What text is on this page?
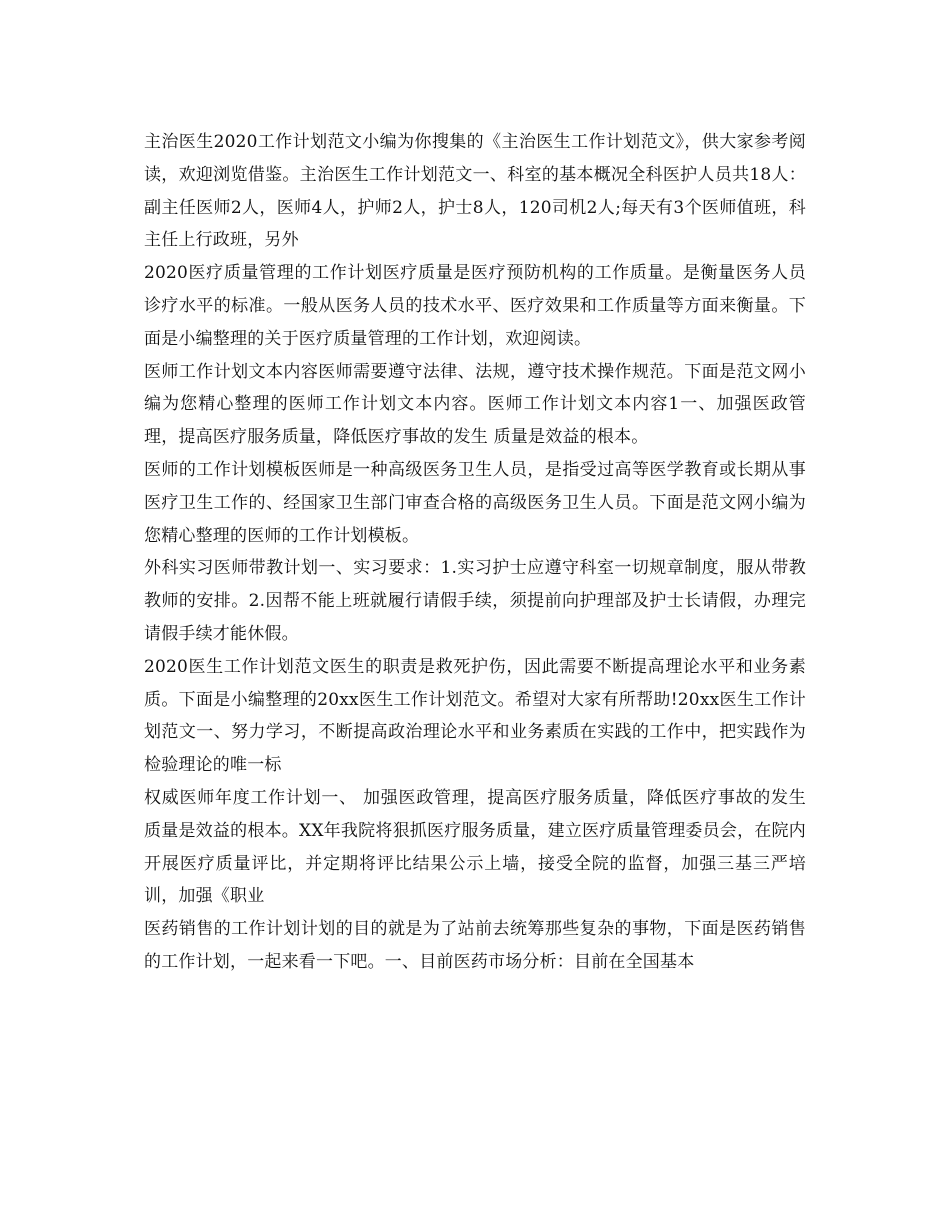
主治医生2020工作计划范文小编为你搜集的《主治医生工作计划范文》，供大家参考阅读，欢迎浏览借鉴。主治医生工作计划范文一、科室的基本概况全科医护人员共18人：副主任医师2人，医师4人，护师2人，护士8人，120司机2人;每天有3个医师值班，科主任上行政班，另外

2020医疗质量管理的工作计划医疗质量是医疗预防机构的工作质量。是衡量医务人员诊疗水平的标准。一般从医务人员的技术水平、医疗效果和工作质量等方面来衡量。下面是小编整理的关于医疗质量管理的工作计划，欢迎阅读。

医师工作计划文本内容医师需要遵守法律、法规，遵守技术操作规范。下面是范文网小编为您精心整理的医师工作计划文本内容。医师工作计划文本内容1一、加强医政管理，提高医疗服务质量，降低医疗事故的发生 质量是效益的根本。

医师的工作计划模板医师是一种高级医务卫生人员，是指受过高等医学教育或长期从事医疗卫生工作的、经国家卫生部门审查合格的高级医务卫生人员。下面是范文网小编为您精心整理的医师的工作计划模板。

外科实习医师带教计划一、实习要求：1.实习护士应遵守科室一切规章制度，服从带教教师的安排。2.因帮不能上班就履行请假手续，须提前向护理部及护士长请假，办理完请假手续才能休假。

2020医生工作计划范文医生的职责是救死护伤，因此需要不断提高理论水平和业务素质。下面是小编整理的20xx医生工作计划范文。希望对大家有所帮助!20xx医生工作计划范文一、努力学习，不断提高政治理论水平和业务素质在实践的工作中，把实践作为检验理论的唯一标

权威医师年度工作计划一、 加强医政管理，提高医疗服务质量，降低医疗事故的发生 质量是效益的根本。XX年我院将狠抓医疗服务质量，建立医疗质量管理委员会，在院内开展医疗质量评比，并定期将评比结果公示上墙，接受全院的监督，加强三基三严培训，加强《职业

医药销售的工作计划计划的目的就是为了站前去统筹那些复杂的事物，下面是医药销售的工作计划，一起来看一下吧。一、目前医药市场分析：目前在全国基本
